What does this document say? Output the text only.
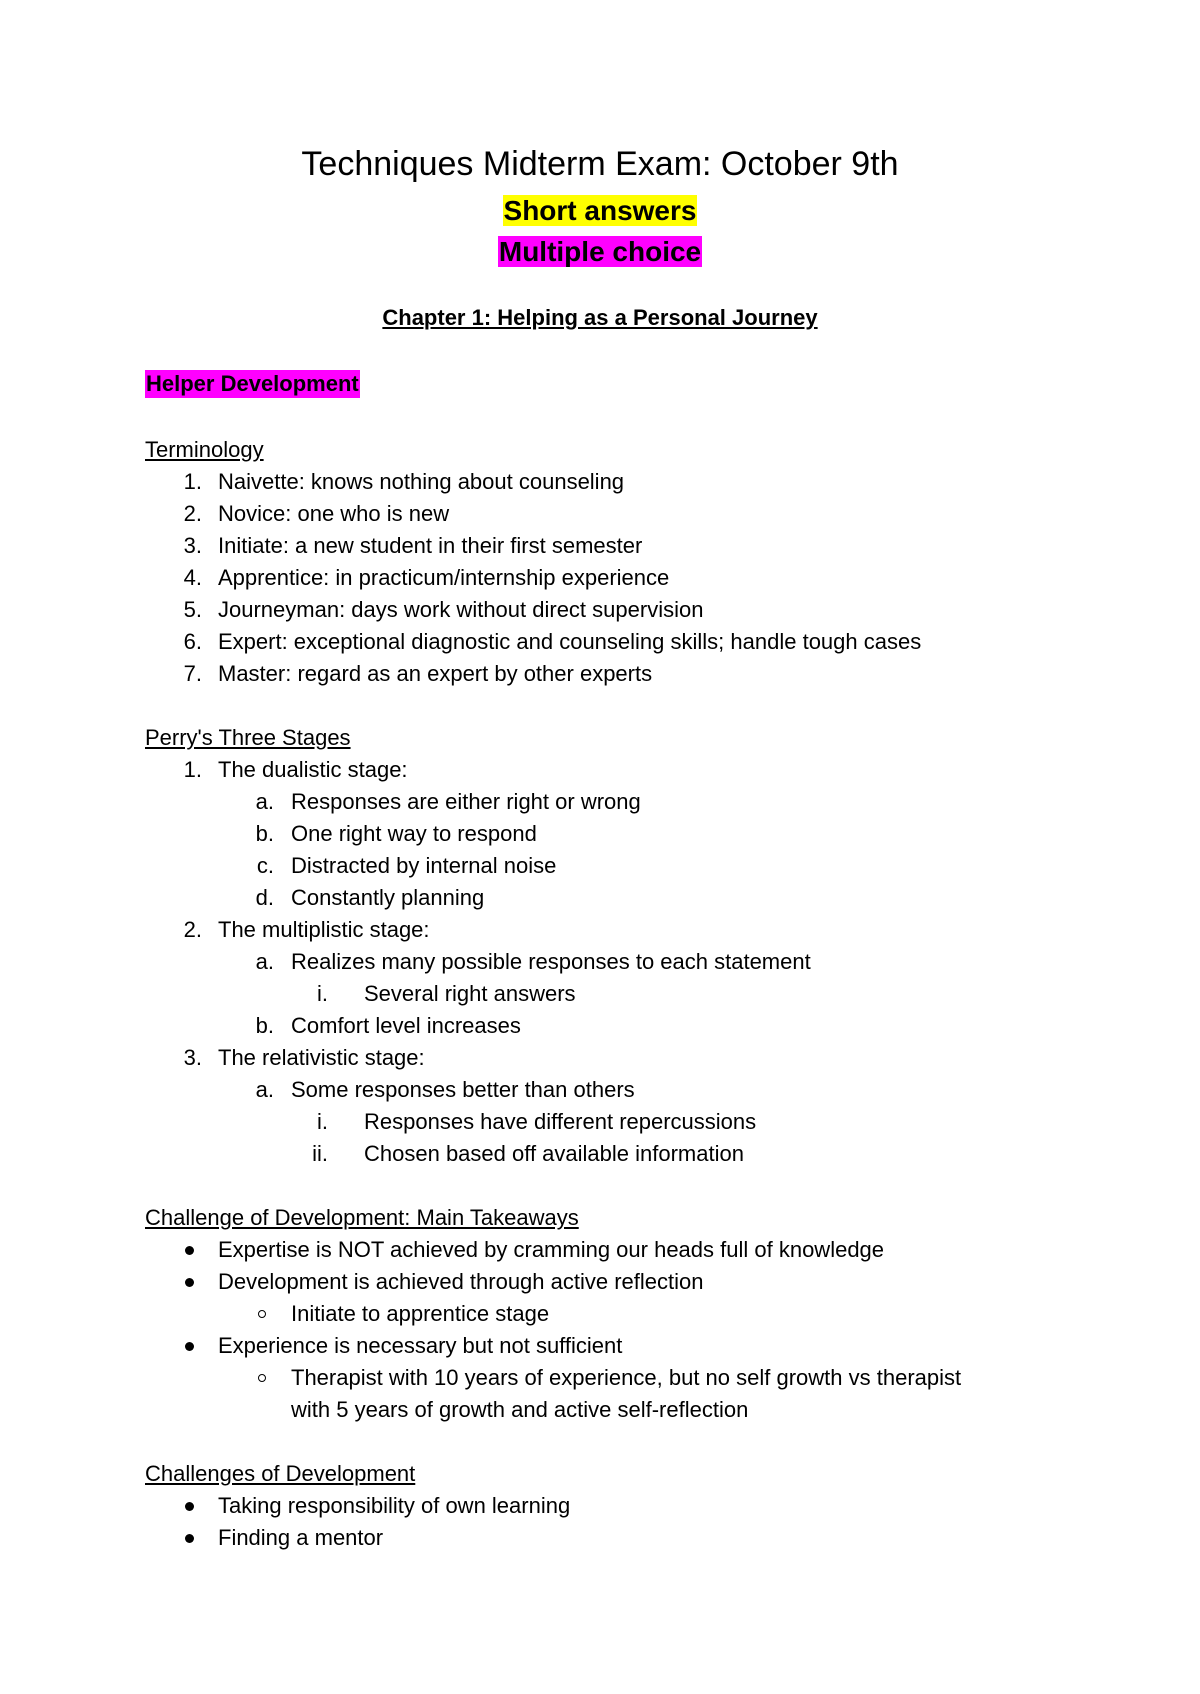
Techniques Midterm Exam: October 9th
Short answers
Multiple choice
Chapter 1: Helping as a Personal Journey
Helper Development
Terminology
1. Naivette: knows nothing about counseling
2. Novice: one who is new
3. Initiate: a new student in their first semester
4. Apprentice: in practicum/internship experience
5. Journeyman: days work without direct supervision
6. Expert: exceptional diagnostic and counseling skills; handle tough cases
7. Master: regard as an expert by other experts
Perry's Three Stages
1. The dualistic stage:
a. Responses are either right or wrong
b. One right way to respond
c. Distracted by internal noise
d. Constantly planning
2. The multiplistic stage:
a. Realizes many possible responses to each statement
i. Several right answers
b. Comfort level increases
3. The relativistic stage:
a. Some responses better than others
i. Responses have different repercussions
ii. Chosen based off available information
Challenge of Development: Main Takeaways
Expertise is NOT achieved by cramming our heads full of knowledge
Development is achieved through active reflection
Initiate to apprentice stage
Experience is necessary but not sufficient
Therapist with 10 years of experience, but no self growth vs therapist
with 5 years of growth and active self-reflection
Challenges of Development
Taking responsibility of own learning
Finding a mentor
